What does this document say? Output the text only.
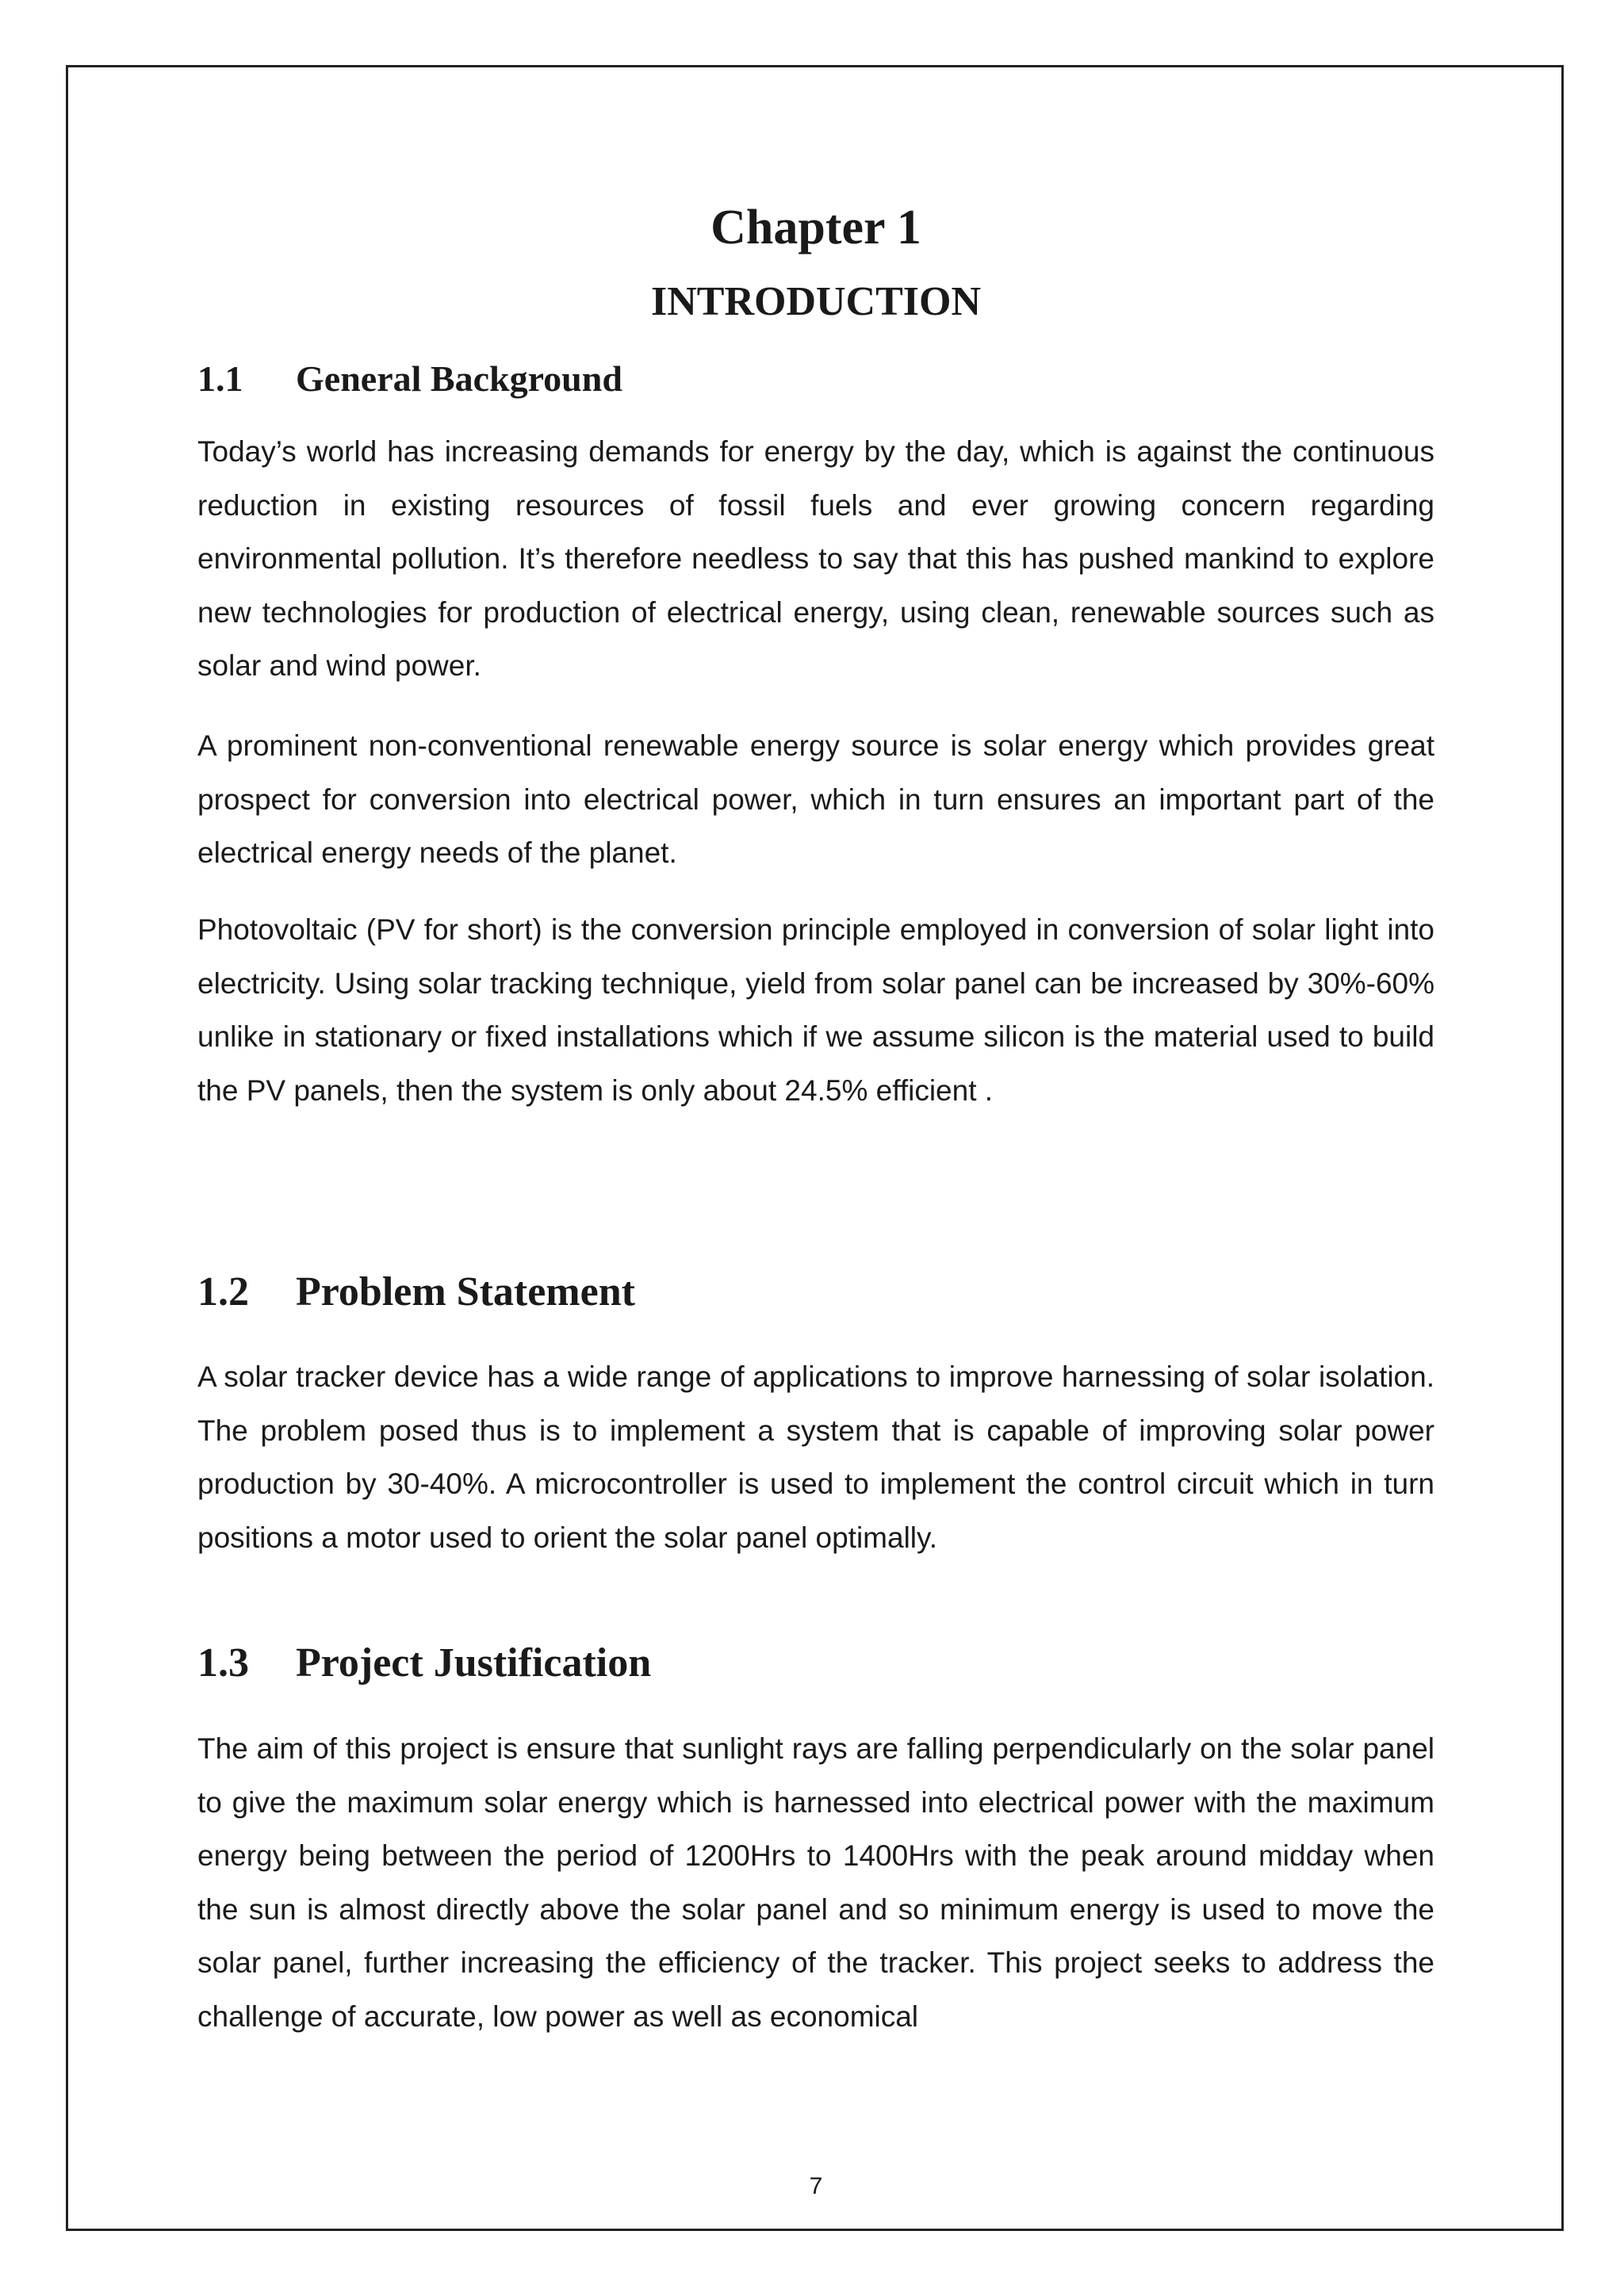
Chapter 1
INTRODUCTION
1.1 General Background

Today’s world has increasing demands for energy by the day, which is against the continuous reduction in existing resources of fossil fuels and ever growing concern regarding environmental pollution. It’s therefore needless to say that this has pushed mankind to explore new technologies for production of electrical energy, using clean, renewable sources such as solar and wind power.

A prominent non-conventional renewable energy source is solar energy which provides great prospect for conversion into electrical power, which in turn ensures an important part of the electrical energy needs of the planet.

Photovoltaic (PV for short) is the conversion principle employed in conversion of solar light into electricity. Using solar tracking technique, yield from solar panel can be increased by 30%-60% unlike in stationary or fixed installations which if we assume silicon is the material used to build the PV panels, then the system is only about 24.5% efficient .

1.2 Problem Statement

A solar tracker device has a wide range of applications to improve harnessing of solar isolation. The problem posed thus is to implement a system that is capable of improving solar power production by 30-40%. A microcontroller is used to implement the control circuit which in turn positions a motor used to orient the solar panel optimally.

1.3 Project Justification

The aim of this project is ensure that sunlight rays are falling perpendicularly on the solar panel to give the maximum solar energy which is harnessed into electrical power with the maximum energy being between the period of 1200Hrs to 1400Hrs with the peak around midday when the sun is almost directly above the solar panel and so minimum energy is used to move the solar panel, further increasing the efficiency of the tracker. This project seeks to address the challenge of accurate, low power as well as economical

7
